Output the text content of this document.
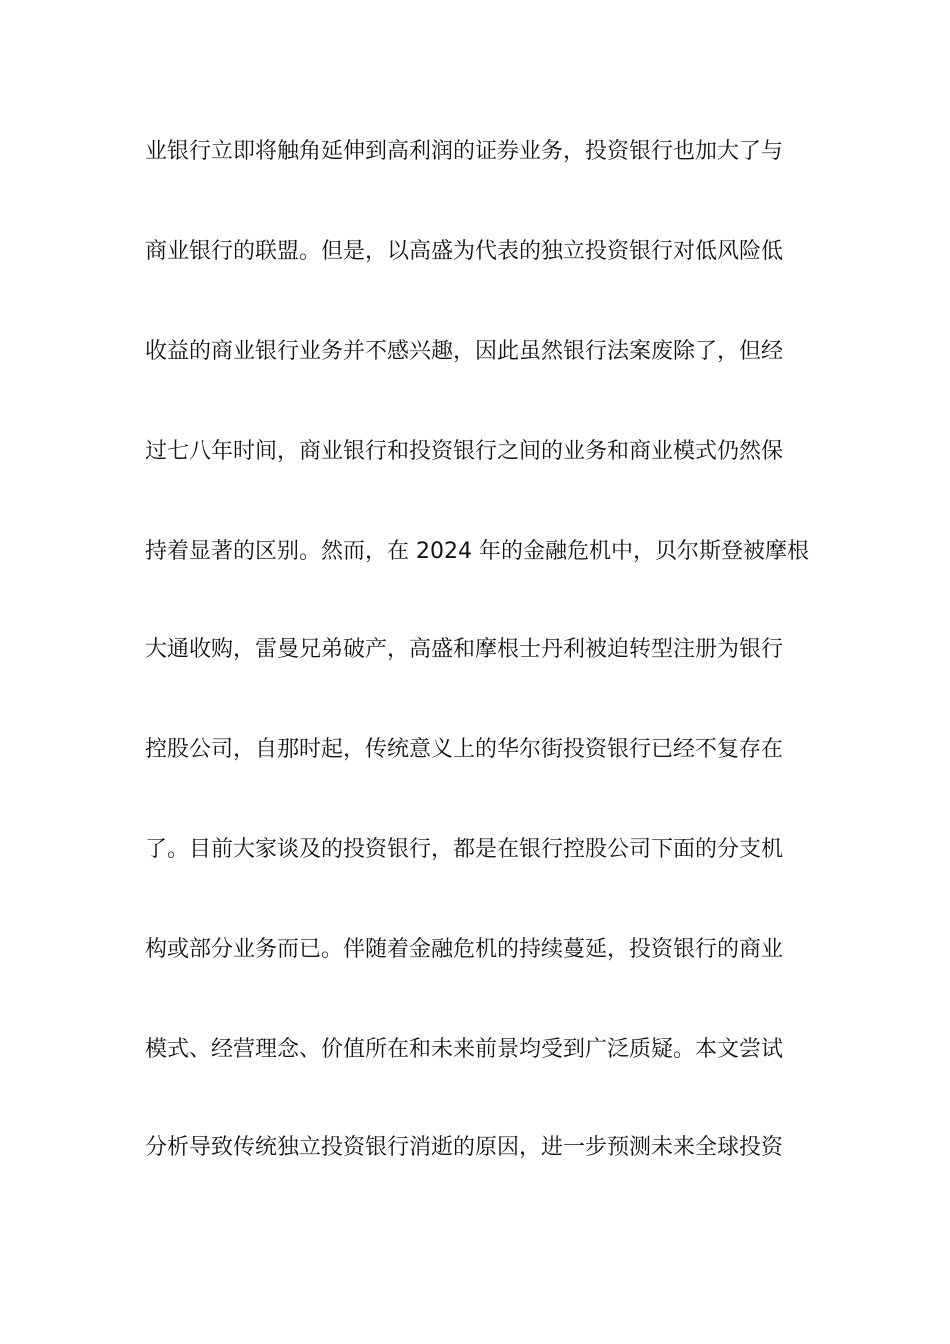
业银行立即将触角延伸到高利润的证券业务，投资银行也加大了与
商业银行的联盟。但是，以高盛为代表的独立投资银行对低风险低
收益的商业银行业务并不感兴趣，因此虽然银行法案废除了，但经
过七八年时间，商业银行和投资银行之间的业务和商业模式仍然保
持着显著的区别。然而，在 2024 年的金融危机中，贝尔斯登被摩根
大通收购，雷曼兄弟破产，高盛和摩根士丹利被迫转型注册为银行
控股公司，自那时起，传统意义上的华尔街投资银行已经不复存在
了。目前大家谈及的投资银行，都是在银行控股公司下面的分支机
构或部分业务而已。伴随着金融危机的持续蔓延，投资银行的商业
模式、经营理念、价值所在和未来前景均受到广泛质疑。本文尝试
分析导致传统独立投资银行消逝的原因，进一步预测未来全球投资
